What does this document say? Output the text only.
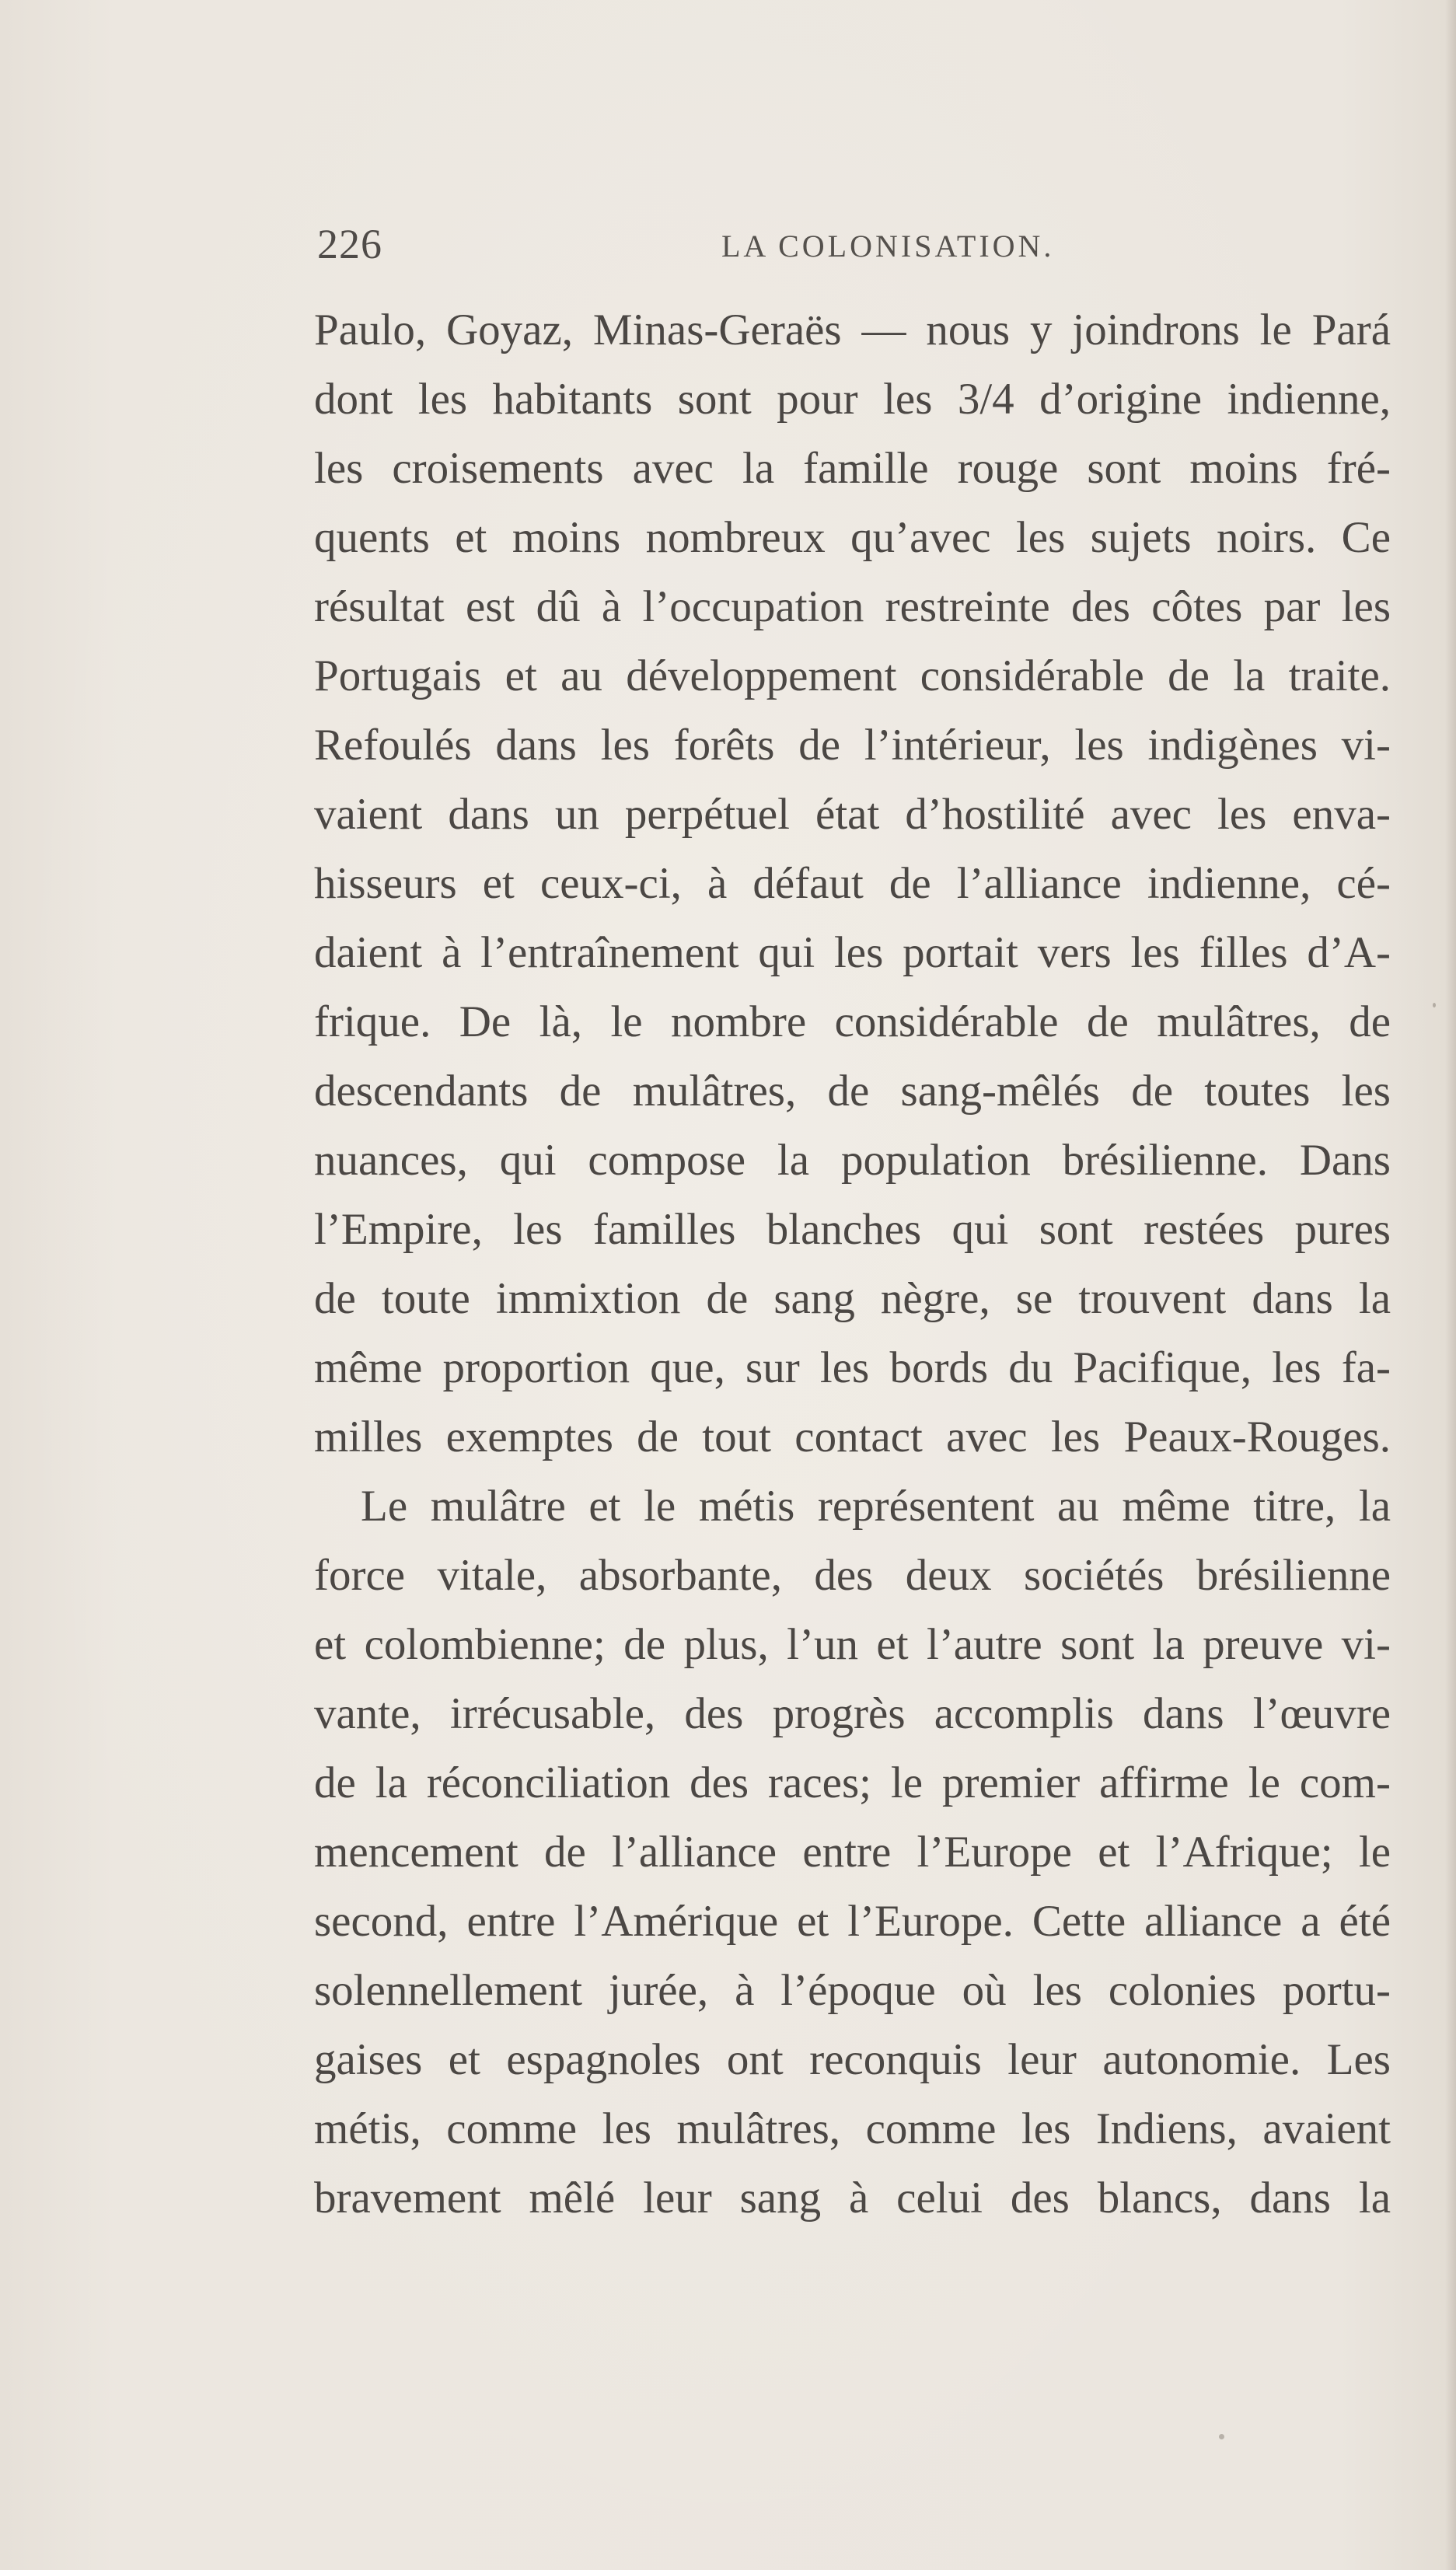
226	LA COLONISATION.
Paulo, Goyaz, Minas-Geraës — nous y joindrons le Pará
dont les habitants sont pour les 3/4 d’origine indienne,
les croisements avec la famille rouge sont moins fré-
quents et moins nombreux qu’avec les sujets noirs. Ce
résultat est dû à l’occupation restreinte des côtes par les
Portugais et au développement considérable de la traite.
Refoulés dans les forêts de l’intérieur, les indigènes vi-
vaient dans un perpétuel état d’hostilité avec les enva-
hisseurs et ceux-ci, à défaut de l’alliance indienne, cé-
daient à l’entraînement qui les portait vers les filles d’A-
frique. De là, le nombre considérable de mulâtres, de
descendants de mulâtres, de sang-mêlés de toutes les
nuances, qui compose la population brésilienne. Dans
l’Empire, les familles blanches qui sont restées pures
de toute immixtion de sang nègre, se trouvent dans la
même proportion que, sur les bords du Pacifique, les fa-
milles exemptes de tout contact avec les Peaux-Rouges.
Le mulâtre et le métis représentent au même titre, la
force vitale, absorbante, des deux sociétés brésilienne
et colombienne; de plus, l’un et l’autre sont la preuve vi-
vante, irrécusable, des progrès accomplis dans l’œuvre
de la réconciliation des races; le premier affirme le com-
mencement de l’alliance entre l’Europe et l’Afrique; le
second, entre l’Amérique et l’Europe. Cette alliance a été
solennellement jurée, à l’époque où les colonies portu-
gaises et espagnoles ont reconquis leur autonomie. Les
métis, comme les mulâtres, comme les Indiens, avaient
bravement mêlé leur sang à celui des blancs, dans la
